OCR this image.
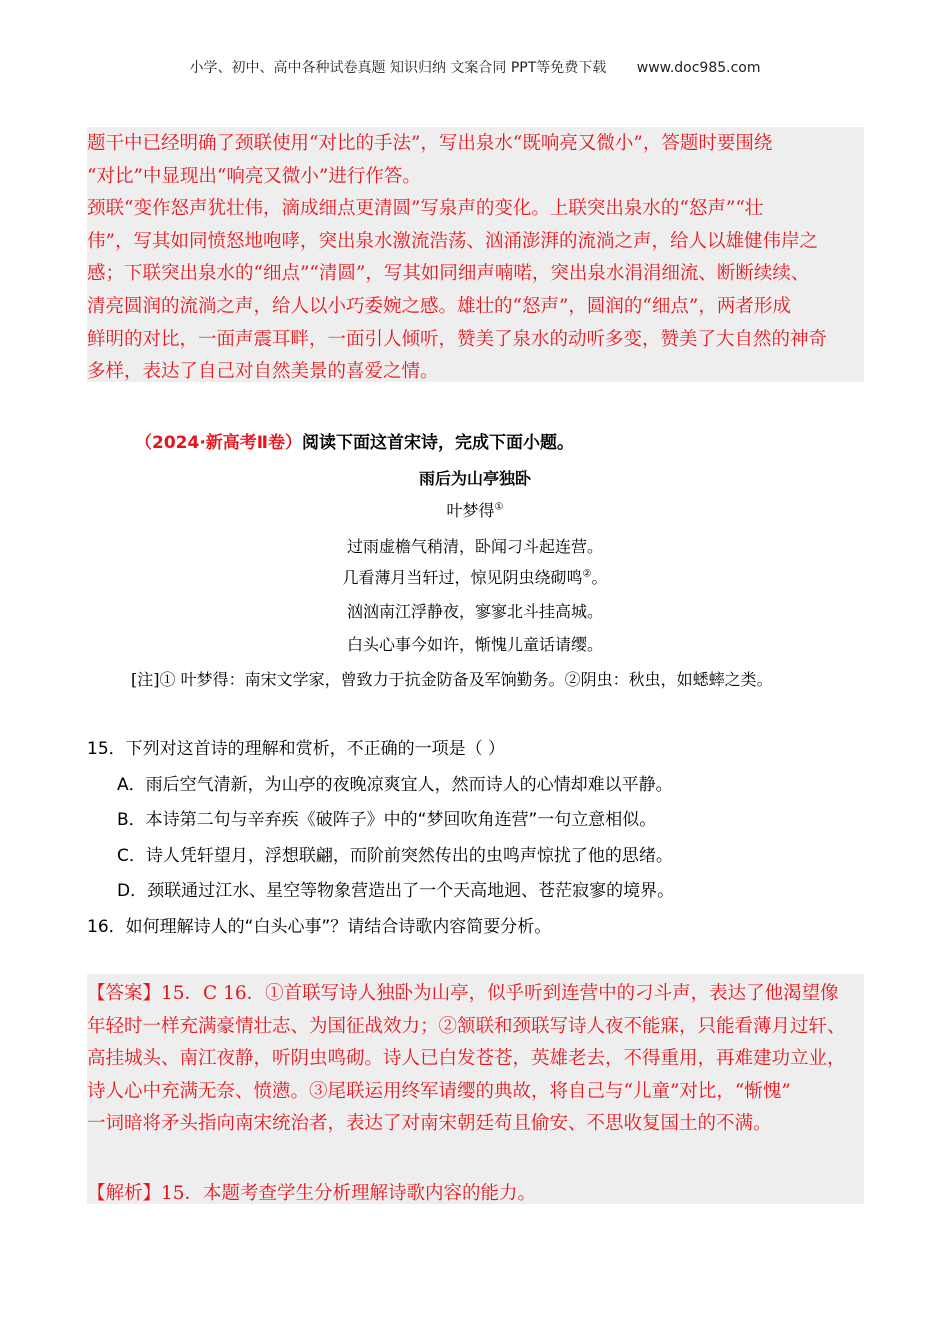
小学、初中、高中各种试卷真题 知识归纳 文案合同 PPT等免费下载 www.doc985.com
题干中已经明确了颈联使用“对比的手法”，写出泉水“既响亮又微小”，答题时要围绕
“对比”中显现出“响亮又微小”进行作答。
颈联“变作怒声犹壮伟，滴成细点更清圆”写泉声的变化。上联突出泉水的“怒声”“壮
伟”，写其如同愤怒地咆哮，突出泉水激流浩荡、汹涌澎湃的流淌之声，给人以雄健伟岸之
感；下联突出泉水的“细点”“清圆”，写其如同细声喃喏，突出泉水涓涓细流、断断续续、
清亮圆润的流淌之声，给人以小巧委婉之感。雄壮的“怒声”，圆润的“细点”，两者形成
鲜明的对比，一面声震耳畔，一面引人倾听，赞美了泉水的动听多变，赞美了大自然的神奇
多样，表达了自己对自然美景的喜爱之情。
（2024·新高考Ⅱ卷）阅读下面这首宋诗，完成下面小题。
雨后为山亭独卧
叶梦得①
过雨虚檐气稍清，卧闻刁斗起连营。
几看薄月当轩过，惊见阴虫绕砌鸣②。
汹汹南江浮静夜，寥寥北斗挂高城。
白头心事今如许，惭愧儿童话请缨。

[注]① 叶梦得：南宋文学家，曾致力于抗金防备及军饷勤务。②阴虫：秋虫，如蟋蟀之类。

15．下列对这首诗的理解和赏析，不正确的一项是（ ）
A．雨后空气清新，为山亭的夜晚凉爽宜人，然而诗人的心情却难以平静。
B．本诗第二句与辛弃疾《破阵子》中的“梦回吹角连营”一句立意相似。
C．诗人凭轩望月，浮想联翩，而阶前突然传出的虫鸣声惊扰了他的思绪。
D．颈联通过江水、星空等物象营造出了一个天高地迥、苍茫寂寥的境界。
16．如何理解诗人的“白头心事”？请结合诗歌内容简要分析。
【答案】15．C 16．①首联写诗人独卧为山亭，似乎听到连营中的刁斗声，表达了他渴望像
年轻时一样充满豪情壮志、为国征战效力；②颔联和颈联写诗人夜不能寐，只能看薄月过轩、
高挂城头、南江夜静，听阴虫鸣砌。诗人已白发苍苍，英雄老去，不得重用，再难建功立业，
诗人心中充满无奈、愤懑。③尾联运用终军请缨的典故，将自己与“儿童”对比，“惭愧”
一词暗将矛头指向南宋统治者，表达了对南宋朝廷苟且偷安、不思收复国土的不满。
【解析】15．本题考查学生分析理解诗歌内容的能力。
